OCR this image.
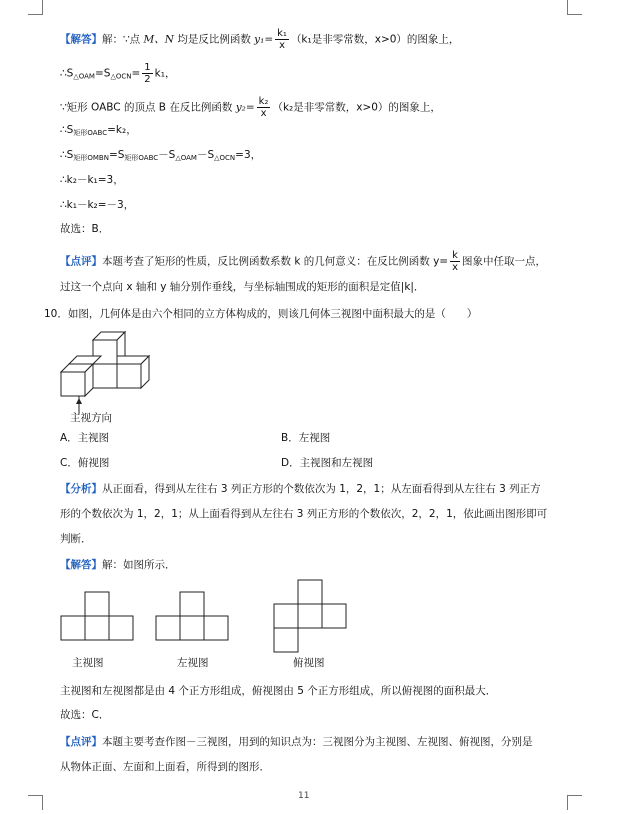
【解答】解：∵点 M、N 均是反比例函数 $y_1= \frac{\text{k₁}}{x} (k_1$是非零常数，x>0）的图象上，
$\therefore S_{\triangle OAM}=S_{\triangle OCN}= \frac{1}{2} k_1$，
∵矩形 OABC 的顶点 B 在反比例函数 $y_2= \frac{\text{k₂}}{x} (k_2$是非零常数，x>0）的图象上，
$\therefore S_{矩形OABC}=k_2$，
$\therefore S_{矩形OMBN}=S_{矩形OABC}-S_{\triangle OAM}-S_{\triangle OCN}=3$，
∴k₂－k₁=3，
∴k₁－k₂=－3，
故选：B．
【点评】本题考查了矩形的性质，反比例函数系数 k 的几何意义：在反比例函数 $y= \frac{k}{x}$ 图象中任取一点，
过这一个点向 x 轴和 y 轴分别作垂线，与坐标轴围成的矩形的面积是定值|k|．
10．如图，几何体是由六个相同的立方体构成的，则该几何体三视图中面积最大的是（　　）
主视方向
A．主视图	B．左视图
C．俯视图	D．主视图和左视图
【分析】从正面看，得到从左往右 3 列正方形的个数依次为 1，2，1；从左面看得到从左往右 3 列正方
形的个数依次为 1，2，1；从上面看得到从左往右 3 列正方形的个数依次，2，2，1，依此画出图形即可
判断．
【解答】解：如图所示．
主视图	左视图	俯视图
主视图和左视图都是由 4 个正方形组成，俯视图由 5 个正方形组成，所以俯视图的面积最大．
故选：C．
【点评】本题主要考查作图－三视图，用到的知识点为：三视图分为主视图、左视图、俯视图，分别是
从物体正面、左面和上面看，所得到的图形．
11
